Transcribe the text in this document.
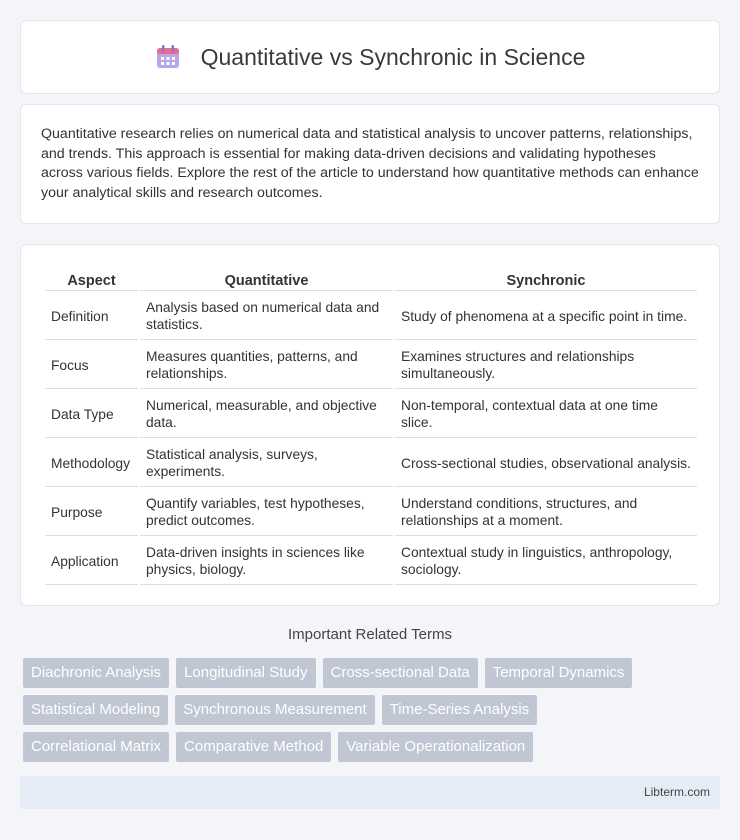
Quantitative vs Synchronic in Science

Quantitative research relies on numerical data and statistical analysis to uncover patterns, relationships, and trends. This approach is essential for making data-driven decisions and validating hypotheses across various fields. Explore the rest of the article to understand how quantitative methods can enhance your analytical skills and research outcomes.

Aspect	Quantitative	Synchronic
Definition	Analysis based on numerical data and statistics.	Study of phenomena at a specific point in time.
Focus	Measures quantities, patterns, and relationships.	Examines structures and relationships simultaneously.
Data Type	Numerical, measurable, and objective data.	Non-temporal, contextual data at one time slice.
Methodology	Statistical analysis, surveys, experiments.	Cross-sectional studies, observational analysis.
Purpose	Quantify variables, test hypotheses, predict outcomes.	Understand conditions, structures, and relationships at a moment.
Application	Data-driven insights in sciences like physics, biology.	Contextual study in linguistics, anthropology, sociology.
Important Related Terms
Diachronic Analysis	Longitudinal Study	Cross-sectional Data	Temporal Dynamics
Statistical Modeling	Synchronous Measurement	Time-Series Analysis
Correlational Matrix	Comparative Method	Variable Operationalization
Libterm.com
